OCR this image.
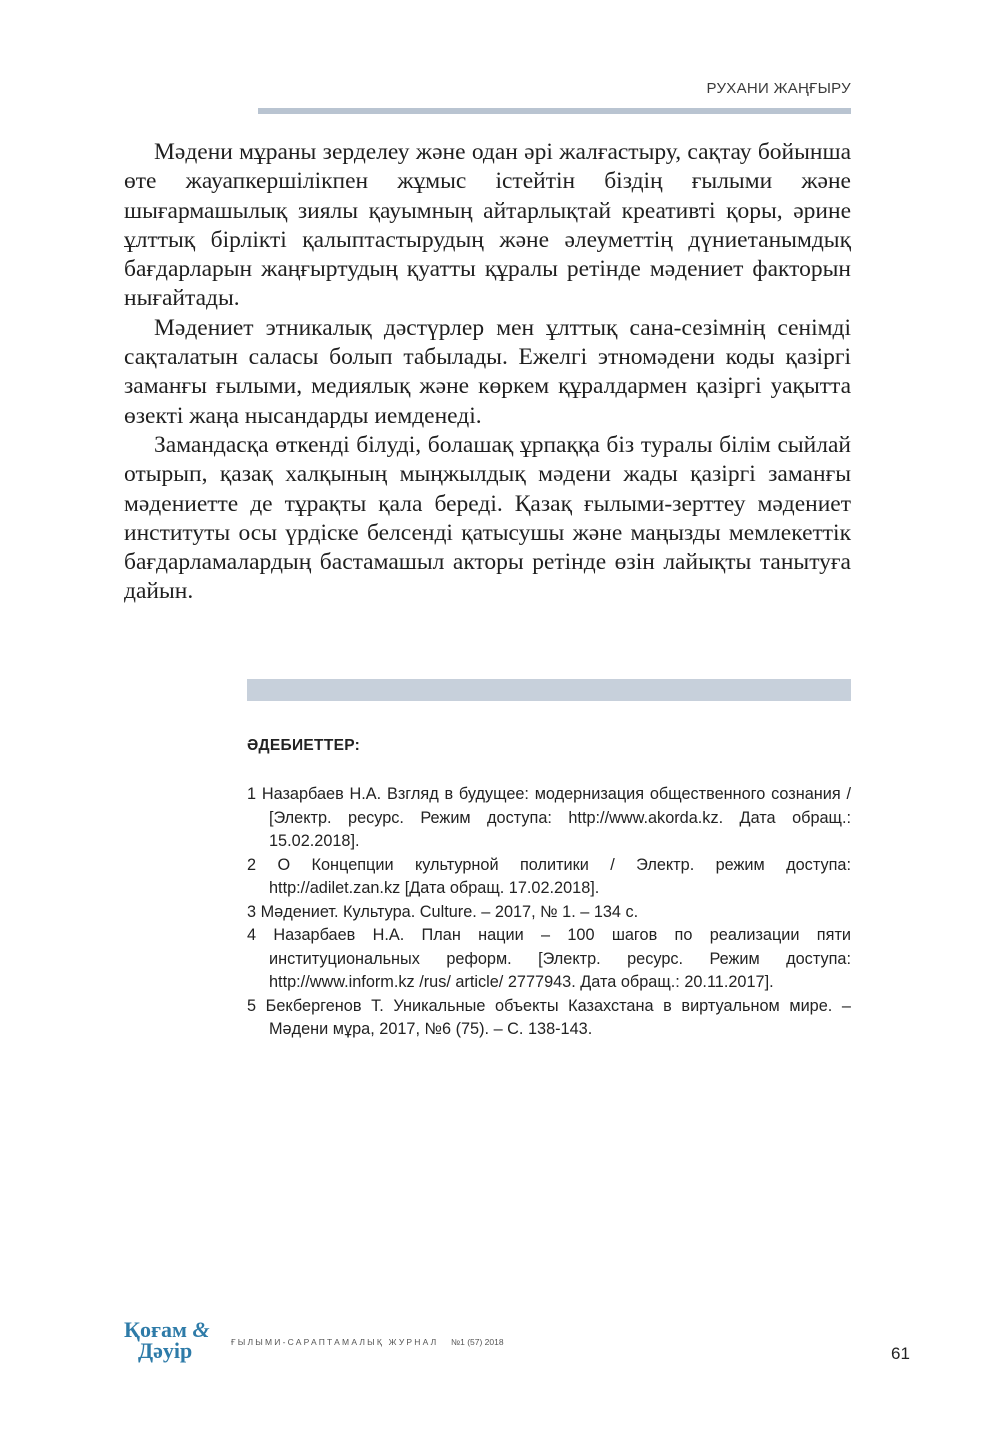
РУХАНИ ЖАҢҒЫРУ

Мәдени мұраны зерделеу және одан әрі жалғастыру, сақтау бойынша өте жауапкершілікпен жұмыс істейтін біздің ғылыми және шығармашылық зиялы қауымның айтарлықтай креативті қоры, әрине ұлттық бірлікті қалыптастырудың және әлеуметтің дүниетанымдық бағдарларын жаңғыртудың қуатты құралы ретінде мәдениет факторын нығайтады.

Мәдениет этникалық дәстүрлер мен ұлттық сана-сезімнің сенімді сақталатын саласы болып табылады. Ежелгі этномәдени коды қазіргі заманғы ғылыми, медиялық және көркем құралдармен қазіргі уақытта өзекті жаңа нысандарды иемденеді.

Замандасқа өткенді білуді, болашақ ұрпаққа біз туралы білім сыйлай отырып, қазақ халқының мыңжылдық мәдени жады қазіргі заманғы мәдениетте де тұрақты қала береді. Қазақ ғылыми-зерттеу мәдениет институты осы үрдіске белсенді қатысушы және маңызды мемлекеттік бағдарламалардың бастамашыл акторы ретінде өзін лайықты танытуға дайын.

ӘДЕБИЕТТЕР:
1 Назарбаев Н.А. Взгляд в будущее: модернизация общественного сознания / [Электр. ресурс. Режим доступа: http://www.akorda.kz. Дата обращ.: 15.02.2018].
2 О Концепции культурной политики / Электр. режим доступа: http://adilet.zan.kz [Дата обращ. 17.02.2018].
3 Мәдениет. Культура. Culture. – 2017, № 1. – 134 с.
4 Назарбаев Н.А. План нации – 100 шагов по реализации пяти институциональных реформ. [Электр. ресурс. Режим доступа: http://www.inform.kz /rus/ article/ 2777943. Дата обращ.: 20.11.2017].
5 Бекбергенов Т. Уникальные объекты Казахстана в виртуальном мире. – Мәдени мұра, 2017, №6 (75). – С. 138-143.
Қоғам &
Дәуір	ҒЫЛЫМИ-САРАПТАМАЛЫҚ ЖУРНАЛ №1 (57) 2018
61
